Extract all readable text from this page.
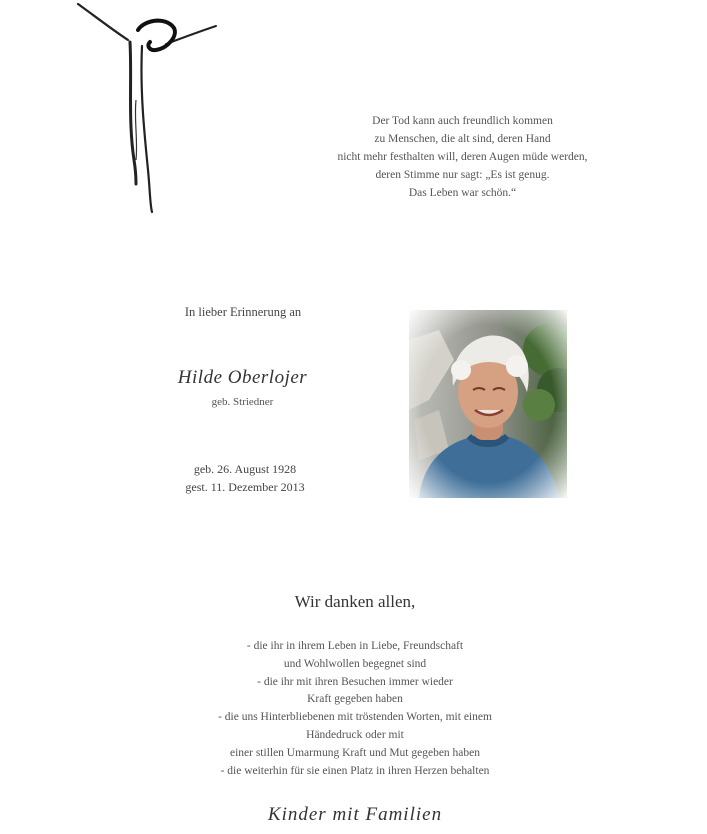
Der Tod kann auch freundlich kommen
zu Menschen, die alt sind, deren Hand
nicht mehr festhalten will, deren Augen müde werden,
deren Stimme nur sagt: „Es ist genug.
Das Leben war schön.“
In lieber Erinnerung an
Hilde Oberlojer
geb. Striedner
geb. 26. August 1928
gest. 11. Dezember 2013
Wir danken allen,
- die ihr in ihrem Leben in Liebe, Freundschaft
und Wohlwollen begegnet sind
- die ihr mit ihren Besuchen immer wieder
Kraft gegeben haben
- die uns Hinterbliebenen mit tröstenden Worten, mit einem
Händedruck oder mit
einer stillen Umarmung Kraft und Mut gegeben haben
- die weiterhin für sie einen Platz in ihren Herzen behalten
Kinder mit Familien
